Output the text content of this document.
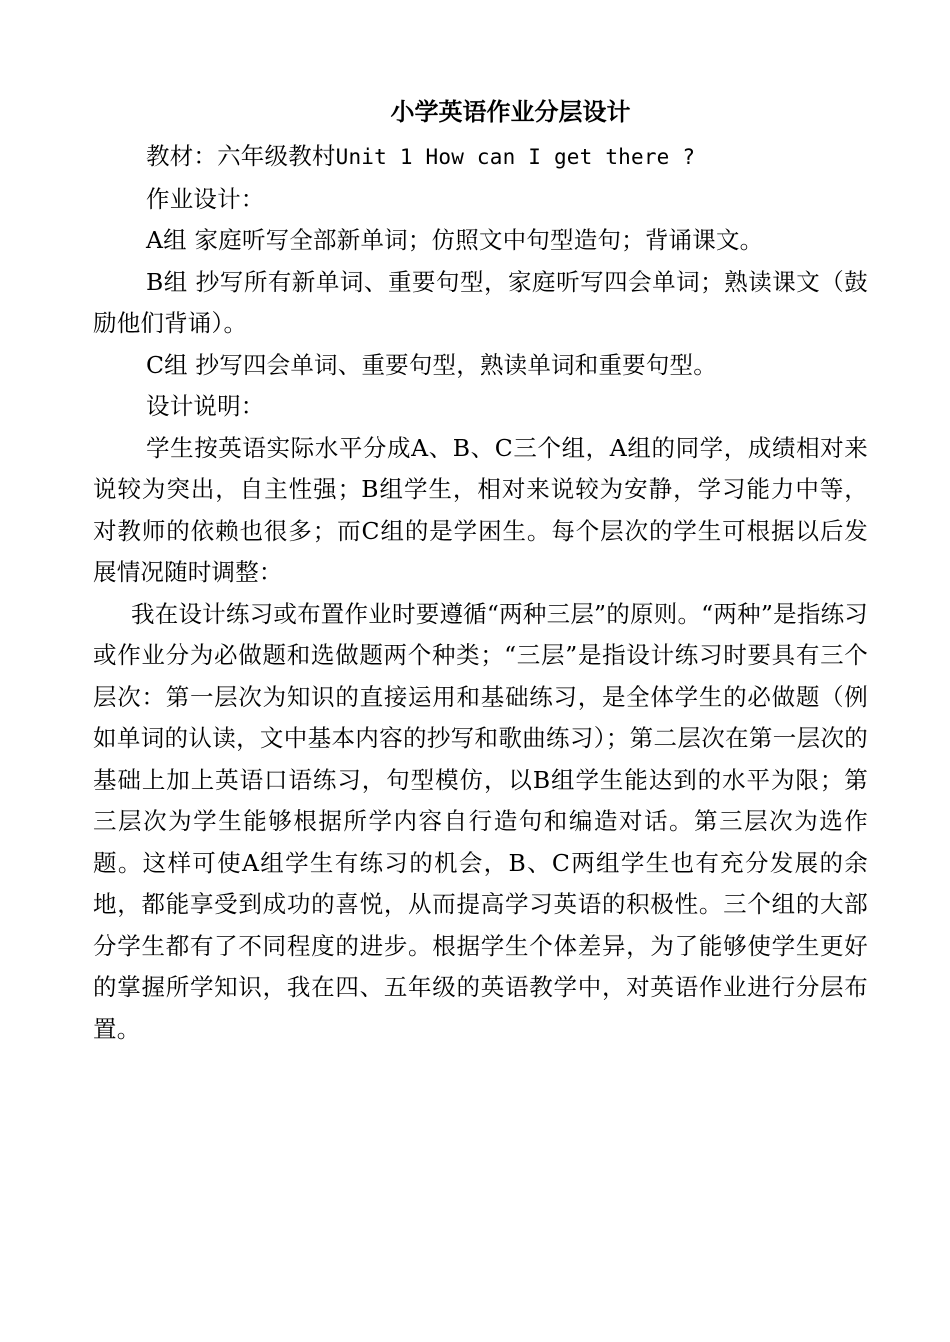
小学英语作业分层设计

教材：六年级教村Unit 1 How can I get there ?

作业设计：

A组 家庭听写全部新单词；仿照文中句型造句；背诵课文。

B组 抄写所有新单词、重要句型，家庭听写四会单词；熟读课文（鼓励他们背诵）。

C组 抄写四会单词、重要句型，熟读单词和重要句型。

设计说明：

学生按英语实际水平分成A、B、C三个组，A组的同学，成绩相对来说较为突出，自主性强；B组学生，相对来说较为安静，学习能力中等，对教师的依赖也很多；而C组的是学困生。每个层次的学生可根据以后发展情况随时调整：

我在设计练习或布置作业时要遵循“两种三层”的原则。“两种”是指练习或作业分为必做题和选做题两个种类；“三层”是指设计练习时要具有三个层次：第一层次为知识的直接运用和基础练习，是全体学生的必做题（例如单词的认读，文中基本内容的抄写和歌曲练习）；第二层次在第一层次的基础上加上英语口语练习，句型模仿，以B组学生能达到的水平为限；第三层次为学生能够根据所学内容自行造句和编造对话。第三层次为选作题。这样可使A组学生有练习的机会，B、C两组学生也有充分发展的余地，都能享受到成功的喜悦，从而提高学习英语的积极性。三个组的大部分学生都有了不同程度的进步。根据学生个体差异，为了能够使学生更好的掌握所学知识，我在四、五年级的英语教学中，对英语作业进行分层布置。
